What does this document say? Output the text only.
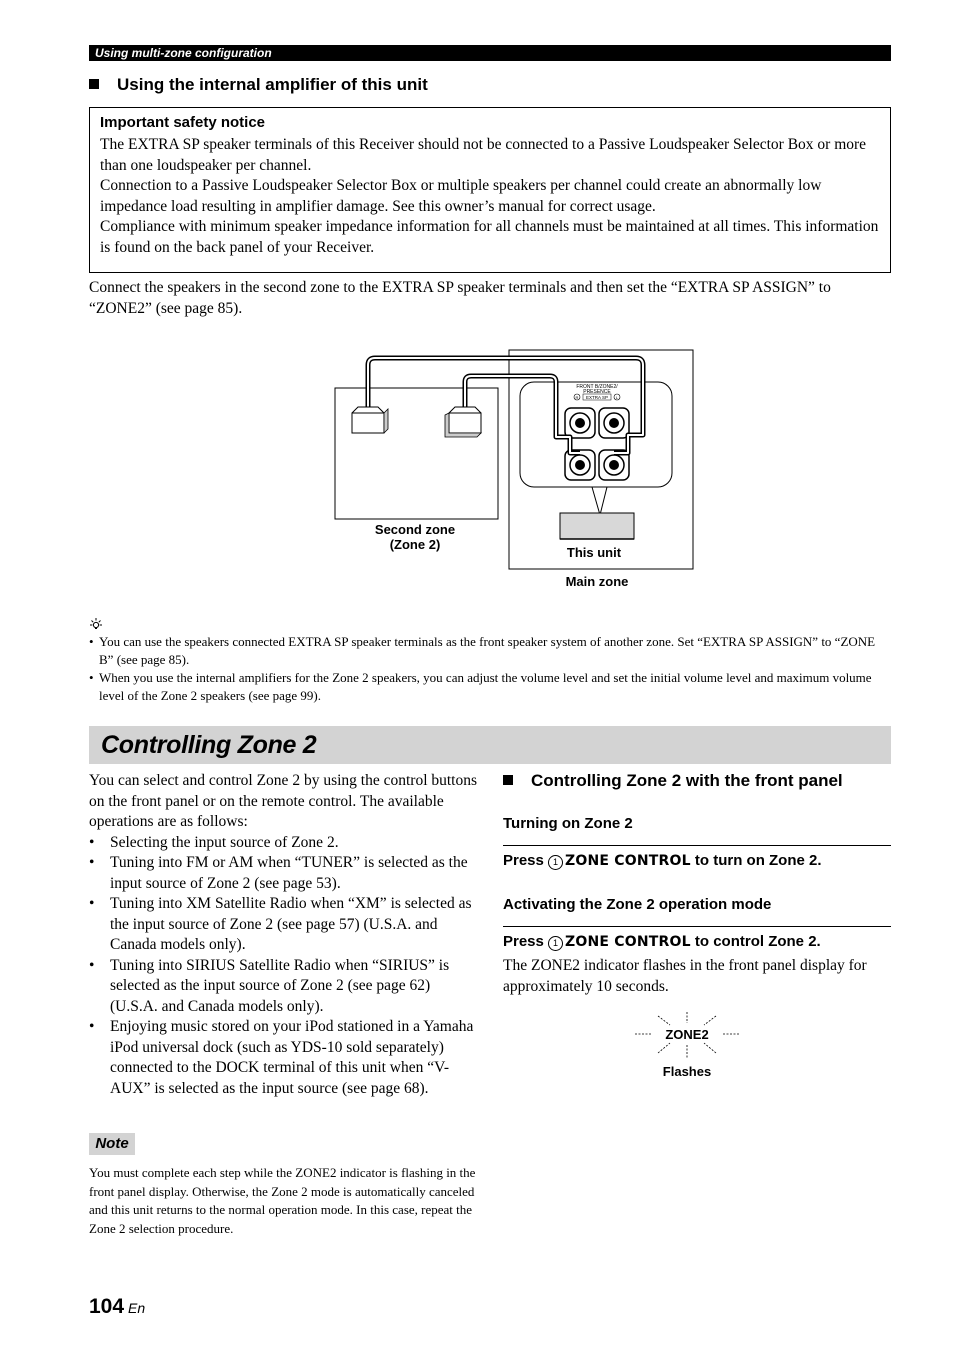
Using multi-zone configuration
Using the internal amplifier of this unit
Important safety notice

The EXTRA SP speaker terminals of this Receiver should not be connected to a Passive Loudspeaker Selector Box or more than one loudspeaker per channel.

Connection to a Passive Loudspeaker Selector Box or multiple speakers per channel could create an abnormally low impedance load resulting in amplifier damage. See this owner’s manual for correct usage.

Compliance with minimum speaker impedance information for all channels must be maintained at all times. This information is found on the back panel of your Receiver.

Connect the speakers in the second zone to the EXTRA SP speaker terminals and then set the “EXTRA SP ASSIGN” to “ZONE2” (see page 85).
FRONT B/ZONE2/
PRESENCE
EXTRA SP
R	L
Second zone
(Zone 2)
This unit
Main zone
• You can use the speakers connected EXTRA SP speaker terminals as the front speaker system of another zone. Set “EXTRA SP ASSIGN” to “ZONE B” (see page 85).
• When you use the internal amplifiers for the Zone 2 speakers, you can adjust the volume level and set the initial volume level and maximum volume level of the Zone 2 speakers (see page 99).
Controlling Zone 2

You can select and control Zone 2 by using the control buttons on the front panel or on the remote control. The available operations are as follows:

• Selecting the input source of Zone 2.
• Tuning into FM or AM when “TUNER” is selected as the input source of Zone 2 (see page 53).
• Tuning into XM Satellite Radio when “XM” is selected as the input source of Zone 2 (see page 57) (U.S.A. and Canada models only).
• Tuning into SIRIUS Satellite Radio when “SIRIUS” is selected as the input source of Zone 2 (see page 62) (U.S.A. and Canada models only).
• Enjoying music stored on your iPod stationed in a Yamaha iPod universal dock (such as YDS-10 sold separately) connected to the DOCK terminal of this unit when “V-AUX” is selected as the input source (see page 68).
Note
You must complete each step while the ZONE2 indicator is flashing in the front panel display. Otherwise, the Zone 2 mode is automatically canceled and this unit returns to the normal operation mode. In this case, repeat the Zone 2 selection procedure.
Controlling Zone 2 with the front panel
Turning on Zone 2
Press 1 ZONE CONTROL to turn on Zone 2.
Activating the Zone 2 operation mode
Press 1 ZONE CONTROL to control Zone 2.
The ZONE2 indicator flashes in the front panel display for approximately 10 seconds.
ZONE2
Flashes
104 En
